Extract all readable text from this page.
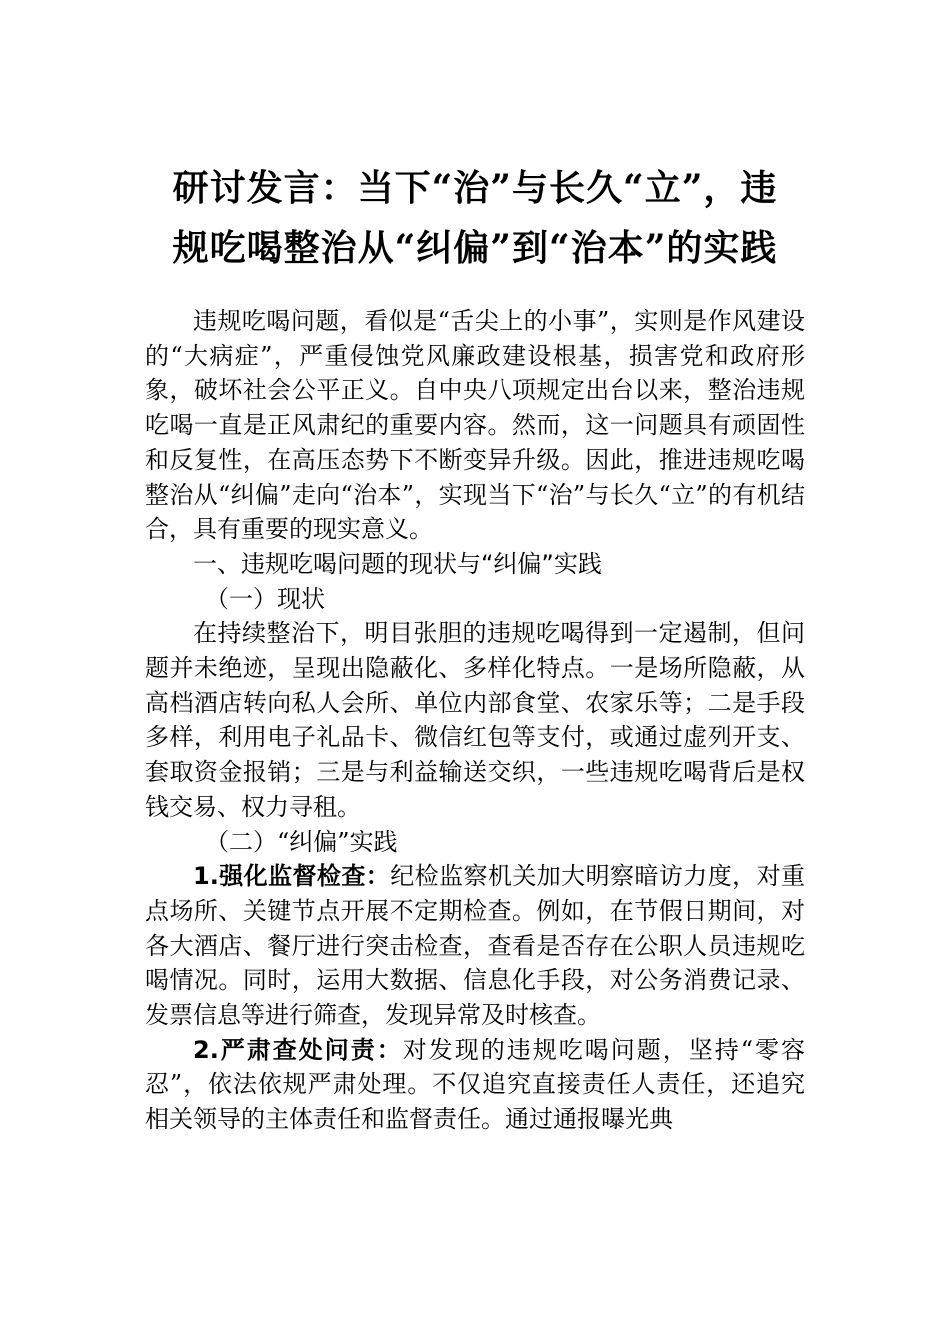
研讨发言：当下“治”与长久“立”，违
规吃喝整治从“纠偏”到“治本”的实践

违规吃喝问题，看似是“舌尖上的小事”，实则是作风建设的“大病症”，严重侵蚀党风廉政建设根基，损害党和政府形象，破坏社会公平正义。自中央八项规定出台以来，整治违规吃喝一直是正风肃纪的重要内容。然而，这一问题具有顽固性和反复性，在高压态势下不断变异升级。因此，推进违规吃喝整治从“纠偏”走向“治本”，实现当下“治”与长久“立”的有机结合，具有重要的现实意义。

一、违规吃喝问题的现状与“纠偏”实践

（一）现状

在持续整治下，明目张胆的违规吃喝得到一定遏制，但问题并未绝迹，呈现出隐蔽化、多样化特点。一是场所隐蔽，从高档酒店转向私人会所、单位内部食堂、农家乐等；二是手段多样，利用电子礼品卡、微信红包等支付，或通过虚列开支、套取资金报销；三是与利益输送交织，一些违规吃喝背后是权钱交易、权力寻租。

（二）“纠偏”实践

1.强化监督检查：纪检监察机关加大明察暗访力度，对重点场所、关键节点开展不定期检查。例如，在节假日期间，对各大酒店、餐厅进行突击检查，查看是否存在公职人员违规吃喝情况。同时，运用大数据、信息化手段，对公务消费记录、发票信息等进行筛查，发现异常及时核查。

2.严肃查处问责：对发现的违规吃喝问题，坚持“零容忍”，依法依规严肃处理。不仅追究直接责任人责任，还追究相关领导的主体责任和监督责任。通过通报曝光典
